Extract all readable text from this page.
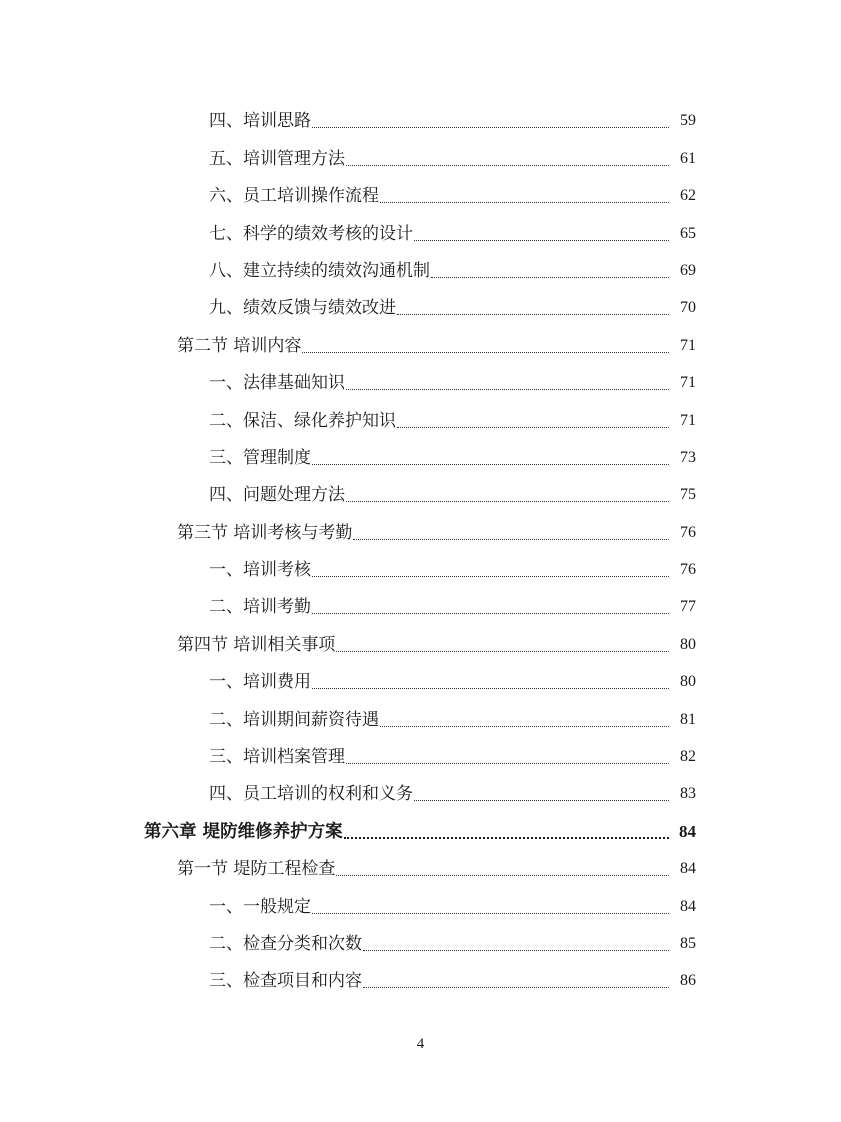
四、培训思路	59
五、培训管理方法	61
六、员工培训操作流程	62
七、科学的绩效考核的设计	65
八、建立持续的绩效沟通机制	69
九、绩效反馈与绩效改进	70
第二节 培训内容	71
一、法律基础知识	71
二、保洁、绿化养护知识	71
三、管理制度	73
四、问题处理方法	75
第三节 培训考核与考勤	76
一、培训考核	76
二、培训考勤	77
第四节 培训相关事项	80
一、培训费用	80
二、培训期间薪资待遇	81
三、培训档案管理	82
四、员工培训的权利和义务	83
第六章 堤防维修养护方案	84
第一节 堤防工程检查	84
一、一般规定	84
二、检查分类和次数	85
三、检查项目和内容	86
4
